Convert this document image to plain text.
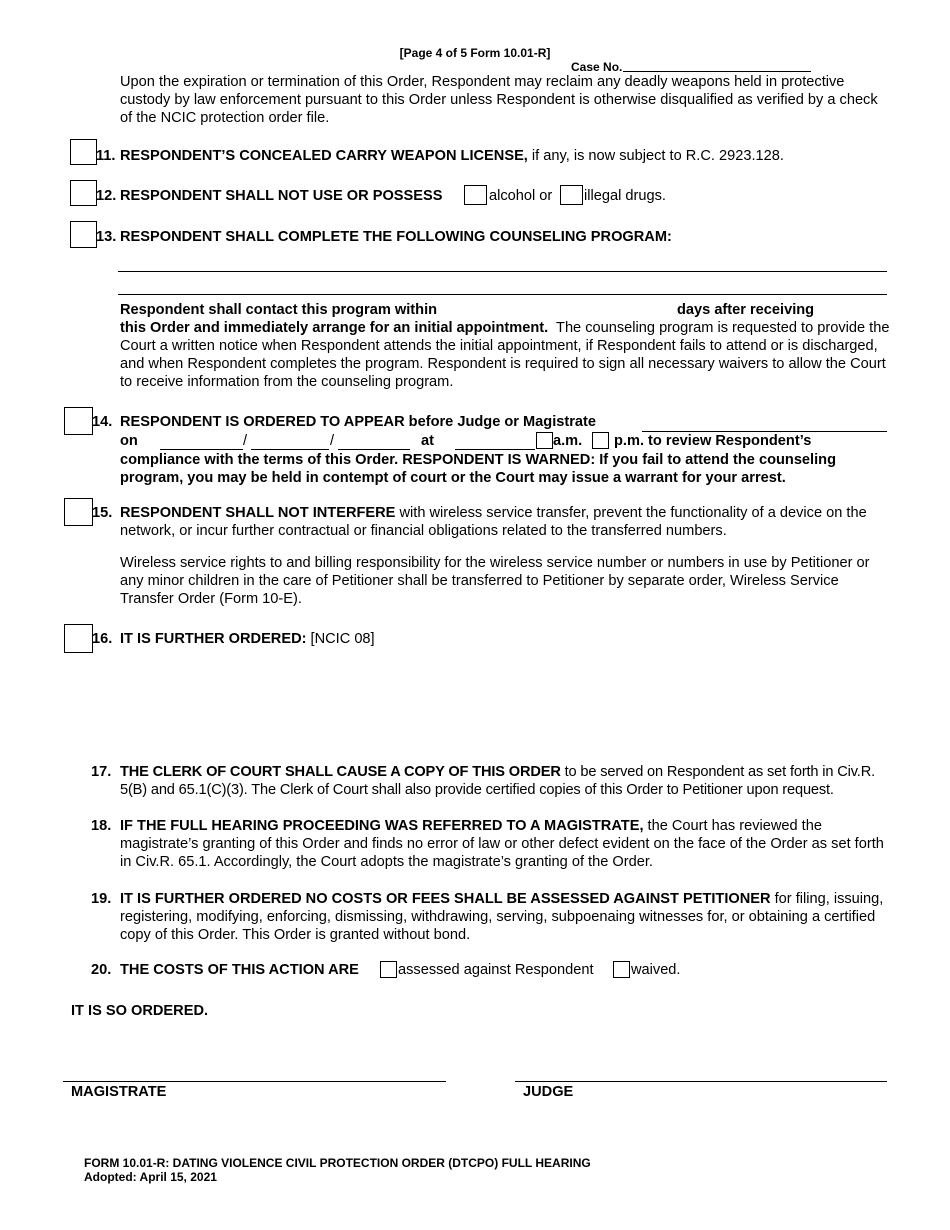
[Page 4 of 5 Form 10.01-R]
Case No.
Upon the expiration or termination of this Order, Respondent may reclaim any deadly weapons held in protective custody by law enforcement pursuant to this Order unless Respondent is otherwise disqualified as verified by a check of the NCIC protection order file.
11. RESPONDENT’S CONCEALED CARRY WEAPON LICENSE, if any, is now subject to R.C. 2923.128.
12. RESPONDENT SHALL NOT USE OR POSSESS	alcohol or illegal drugs.
13. RESPONDENT SHALL COMPLETE THE FOLLOWING COUNSELING PROGRAM:
Respondent shall contact this program within	days after receiving
this Order and immediately arrange for an initial appointment. The counseling program is requested to provide the Court a written notice when Respondent attends the initial appointment, if Respondent fails to attend or is discharged, and when Respondent completes the program. Respondent is required to sign all necessary waivers to allow the Court to receive information from the counseling program.
14. RESPONDENT IS ORDERED TO APPEAR before Judge or Magistrate
on	/	/	at	a.m. p.m. to review Respondent’s
compliance with the terms of this Order. RESPONDENT IS WARNED: If you fail to attend the counseling program, you may be held in contempt of court or the Court may issue a warrant for your arrest.
15. RESPONDENT SHALL NOT INTERFERE with wireless service transfer, prevent the functionality of a device on the network, or incur further contractual or financial obligations related to the transferred numbers.
Wireless service rights to and billing responsibility for the wireless service number or numbers in use by Petitioner or any minor children in the care of Petitioner shall be transferred to Petitioner by separate order, Wireless Service Transfer Order (Form 10-E).
16. IT IS FURTHER ORDERED: [NCIC 08]
17. THE CLERK OF COURT SHALL CAUSE A COPY OF THIS ORDER to be served on Respondent as set forth in Civ.R. 5(B) and 65.1(C)(3). The Clerk of Court shall also provide certified copies of this Order to Petitioner upon request.
18. IF THE FULL HEARING PROCEEDING WAS REFERRED TO A MAGISTRATE, the Court has reviewed the magistrate’s granting of this Order and finds no error of law or other defect evident on the face of the Order as set forth in Civ.R. 65.1. Accordingly, the Court adopts the magistrate’s granting of the Order.
19. IT IS FURTHER ORDERED NO COSTS OR FEES SHALL BE ASSESSED AGAINST PETITIONER for filing, issuing, registering, modifying, enforcing, dismissing, withdrawing, serving, subpoenaing witnesses for, or obtaining a certified copy of this Order. This Order is granted without bond.
20. THE COSTS OF THIS ACTION ARE	assessed against Respondent	waived.
IT IS SO ORDERED.
MAGISTRATE	JUDGE
FORM 10.01-R: DATING VIOLENCE CIVIL PROTECTION ORDER (DTCPO) FULL HEARING
Adopted: April 15, 2021
